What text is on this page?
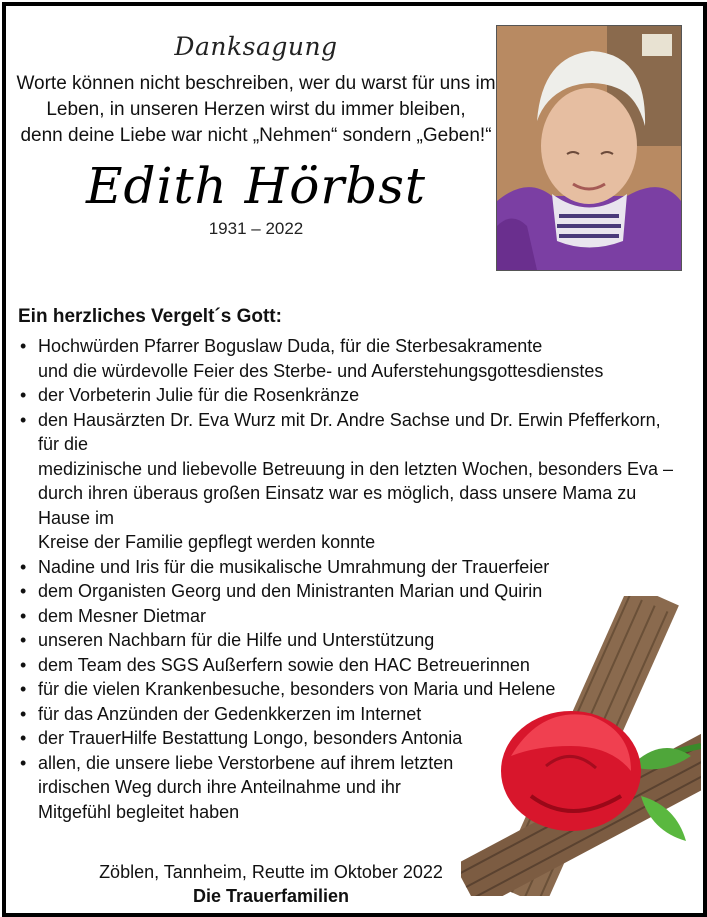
Danksagung
Worte können nicht beschreiben, wer du warst für uns im
Leben, in unseren Herzen wirst du immer bleiben,
denn deine Liebe war nicht „Nehmen“ sondern „Geben!“
Edith Hörbst
1931 – 2022
Ein herzliches Vergelt´s Gott:
• Hochwürden Pfarrer Boguslaw Duda, für die Sterbesakramente
und die würdevolle Feier des Sterbe- und Auferstehungsgottesdienstes
• der Vorbeterin Julie für die Rosenkränze
• den Hausärzten Dr. Eva Wurz mit Dr. Andre Sachse und Dr. Erwin Pfefferkorn, für die
medizinische und liebevolle Betreuung in den letzten Wochen, besonders Eva –
durch ihren überaus großen Einsatz war es möglich, dass unsere Mama zu Hause im
Kreise der Familie gepflegt werden konnte
• Nadine und Iris für die musikalische Umrahmung der Trauerfeier
• dem Organisten Georg und den Ministranten Marian und Quirin
• dem Mesner Dietmar
• unseren Nachbarn für die Hilfe und Unterstützung
• dem Team des SGS Außerfern sowie den HAC Betreuerinnen
• für die vielen Krankenbesuche, besonders von Maria und Helene
• für das Anzünden der Gedenkkerzen im Internet
• der TrauerHilfe Bestattung Longo, besonders Antonia
• allen, die unsere liebe Verstorbene auf ihrem letzten
irdischen Weg durch ihre Anteilnahme und ihr
Mitgefühl begleitet haben
Zöblen, Tannheim, Reutte im Oktober 2022
Die Trauerfamilien
